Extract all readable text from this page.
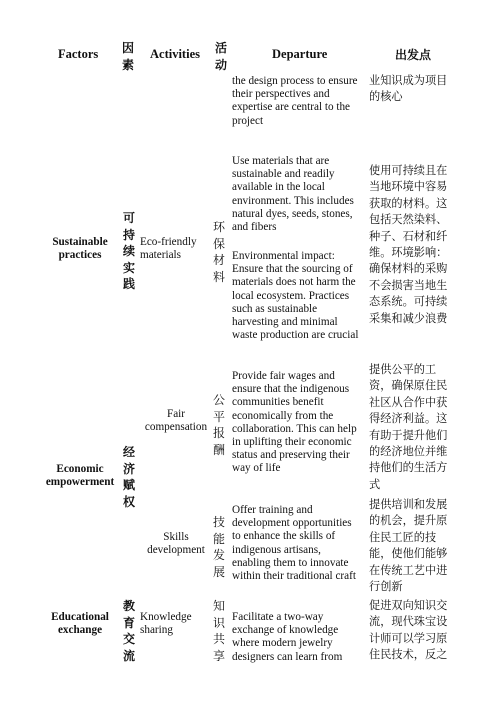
Factors 因
素
Activities 活
动
Departure	出发点
the design process to ensure
their perspectives and
expertise are central to the
project
业知识成为项目
的核心
Sustainable
practices
可
持
续
实践
Eco-friendly
materials
环
保
材
料
Use materials that are
sustainable and readily
available in the local
environment. This includes
natural dyes, seeds, stones,
and fibers

Environmental impact:
Ensure that the sourcing of
materials does not harm the
local ecosystem. Practices
such as sustainable
harvesting and minimal
waste production are crucial
使用可持续且在
当地环境中容易
获取的材料。这
包括天然染料、
种子、石材和纤
维。环境影响：
确保材料的采购
不会损害当地生
态系统。可持续
采集和减少浪费
Economic
empowerment
经
济
赋
权
Fair
compensation
公
平
报
酬
Provide fair wages and
ensure that the indigenous
communities benefit
economically from the
collaboration. This can help
in uplifting their economic
status and preserving their
way of life
提供公平的工
资，确保原住民
社区从合作中获
得经济利益。这
有助于提升他们
的经济地位并维
持他们的生活方
式
Skills
development
技
能
发
展
Offer training and
development opportunities
to enhance the skills of
indigenous artisans,
enabling them to innovate
within their traditional craft
提供培训和发展
的机会，提升原
住民工匠的技
能，使他们能够
在传统工艺中进
行创新
Educational
exchange
教
育
交
流
Knowledge
sharing
知
识
共
享
Facilitate a two-way
exchange of knowledge
where modern jewelry
designers can learn from
促进双向知识交
流，现代珠宝设
计师可以学习原
住民技术，反之
